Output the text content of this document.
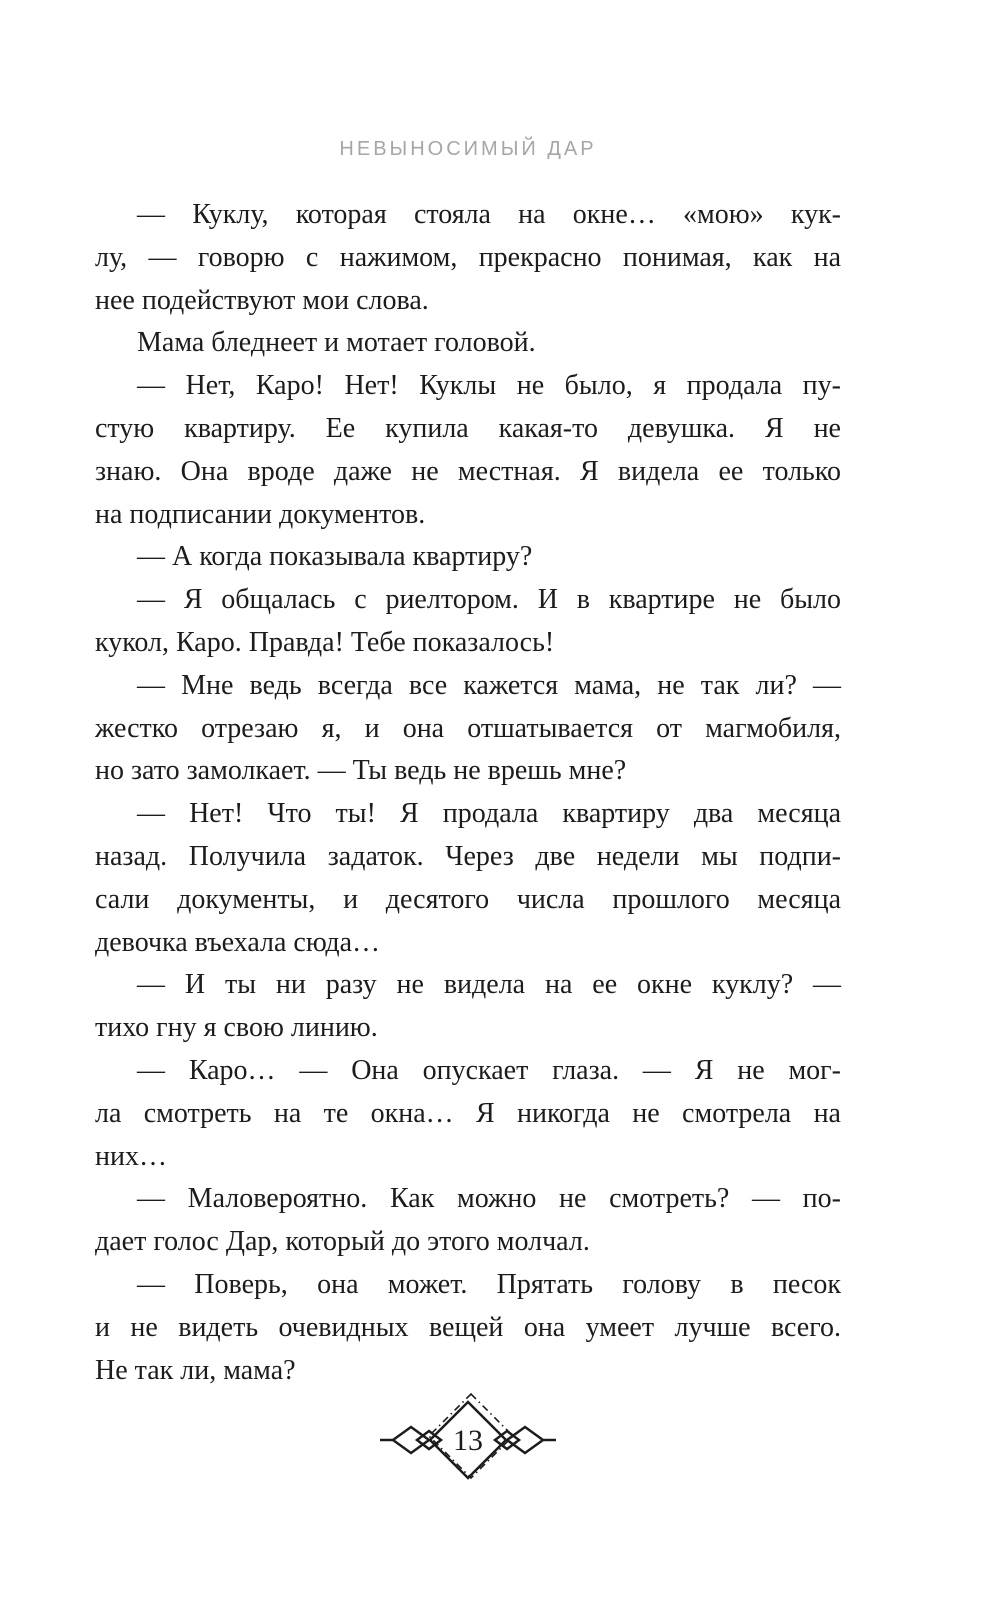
НЕВЫНОСИМЫЙ ДАР

— Куклу, которая стояла на окне… «мою» кук-
лу, — говорю с нажимом, прекрасно понимая, как на
нее подействуют мои слова.

Мама бледнеет и мотает головой.

— Нет, Каро! Нет! Куклы не было, я продала пу-
стую квартиру. Ее купила какая-то девушка. Я не
знаю. Она вроде даже не местная. Я видела ее только
на подписании документов.

— А когда показывала квартиру?

— Я общалась с риелтором. И в квартире не было
кукол, Каро. Правда! Тебе показалось!

— Мне ведь всегда все кажется мама, не так ли? —
жестко отрезаю я, и она отшатывается от магмобиля,
но зато замолкает. — Ты ведь не врешь мне?

— Нет! Что ты! Я продала квартиру два месяца
назад. Получила задаток. Через две недели мы подпи-
сали документы, и десятого числа прошлого месяца
девочка въехала сюда…

— И ты ни разу не видела на ее окне куклу? —
тихо гну я свою линию.

— Каро… — Она опускает глаза. — Я не мог-
ла смотреть на те окна… Я никогда не смотрела на
них…

— Маловероятно. Как можно не смотреть? — по-
дает голос Дар, который до этого молчал.

— Поверь, она может. Прятать голову в песок
и не видеть очевидных вещей она умеет лучше всего.
Не так ли, мама?

13
